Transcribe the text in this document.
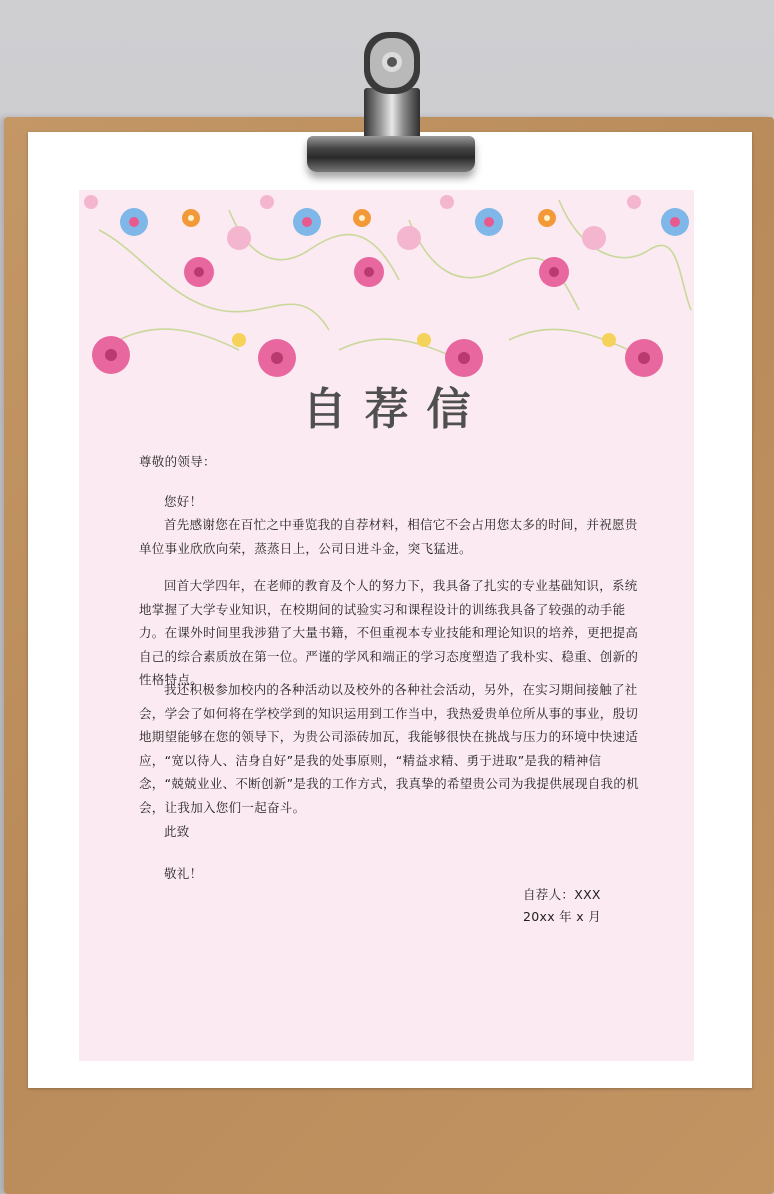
自荐信
尊敬的领导：

您好！

首先感谢您在百忙之中垂览我的自荐材料，相信它不会占用您太多的时间，并祝愿贵单位事业欣欣向荣，蒸蒸日上，公司日进斗金，突飞猛进。

回首大学四年，在老师的教育及个人的努力下，我具备了扎实的专业基础知识，系统地掌握了大学专业知识，在校期间的试验实习和课程设计的训练我具备了较强的动手能力。在课外时间里我涉猎了大量书籍，不但重视本专业技能和理论知识的培养，更把提高自己的综合素质放在第一位。严谨的学风和端正的学习态度塑造了我朴实、稳重、创新的性格特点。

我还积极参加校内的各种活动以及校外的各种社会活动，另外，在实习期间接触了社会，学会了如何将在学校学到的知识运用到工作当中，我热爱贵单位所从事的事业，殷切地期望能够在您的领导下，为贵公司添砖加瓦，我能够很快在挑战与压力的环境中快速适应，“宽以待人、洁身自好”是我的处事原则，“精益求精、勇于进取”是我的精神信念，“兢兢业业、不断创新”是我的工作方式，我真挚的希望贵公司为我提供展现自我的机会，让我加入您们一起奋斗。

此致

敬礼！

自荐人：XXX
20xx 年 x 月
